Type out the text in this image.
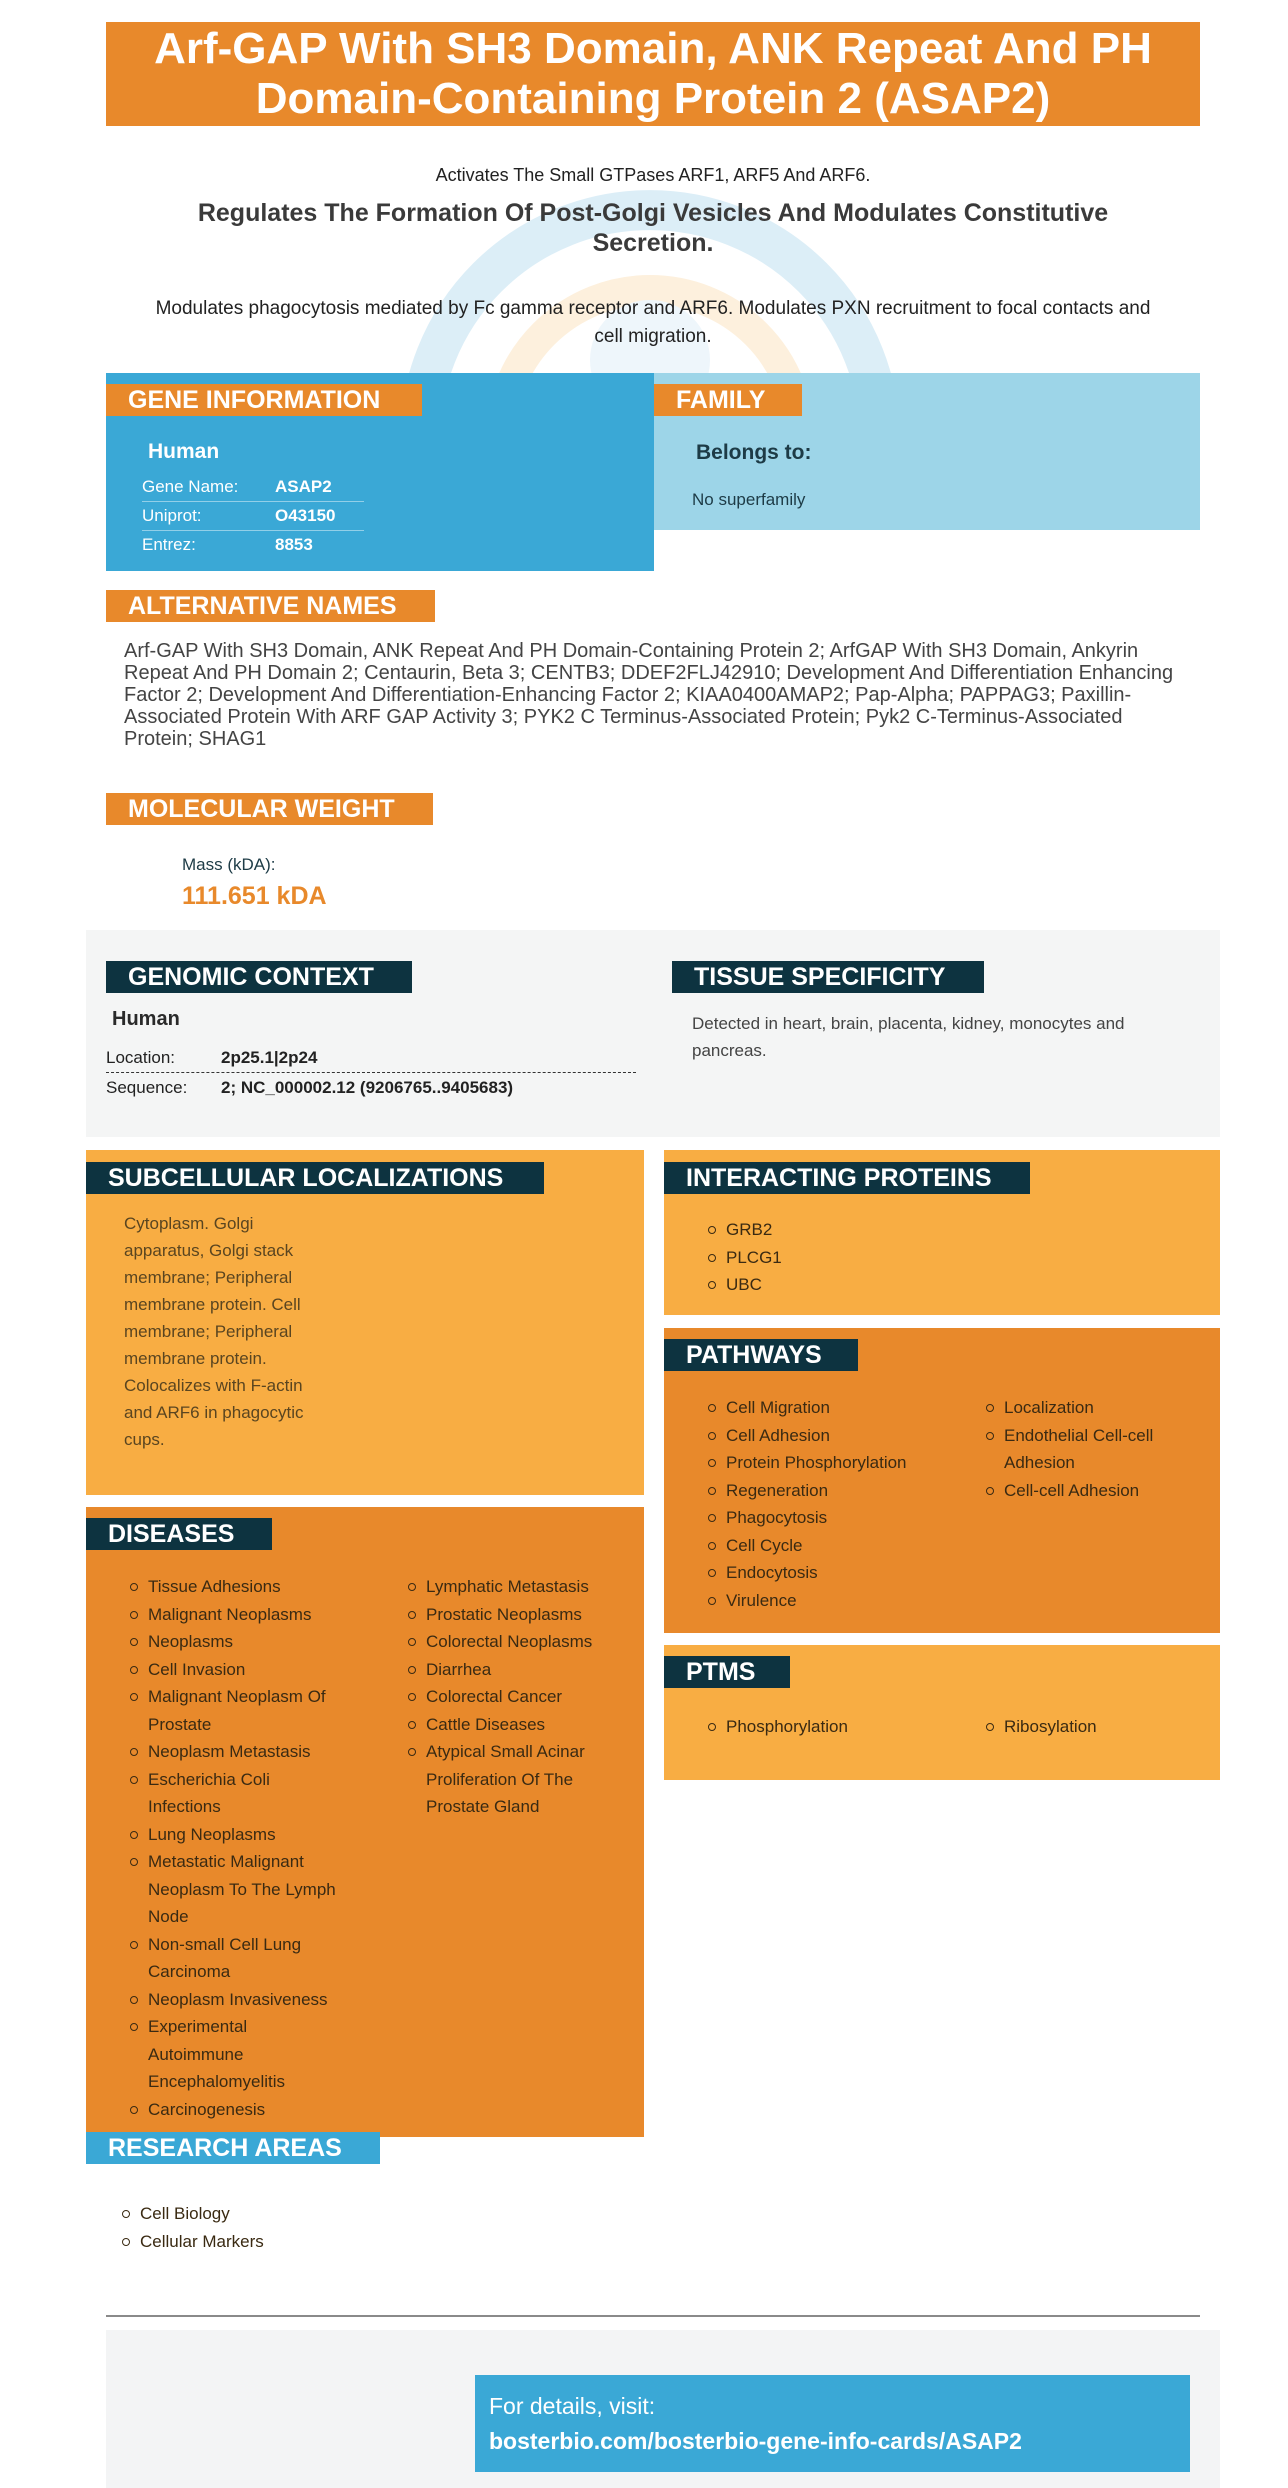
Arf-GAP With SH3 Domain, ANK Repeat And PH Domain-Containing Protein 2 (ASAP2)
Activates The Small GTPases ARF1, ARF5 And ARF6.
Regulates The Formation Of Post-Golgi Vesicles And Modulates Constitutive Secretion.
Modulates phagocytosis mediated by Fc gamma receptor and ARF6. Modulates PXN recruitment to focal contacts and cell migration.
GENE INFORMATION
Human
Gene Name:	ASAP2
Uniprot:	O43150
Entrez:	8853
FAMILY
Belongs to:
No superfamily
ALTERNATIVE NAMES
Arf-GAP With SH3 Domain, ANK Repeat And PH Domain-Containing Protein 2; ArfGAP With SH3 Domain, Ankyrin Repeat And PH Domain 2; Centaurin, Beta 3; CENTB3; DDEF2FLJ42910; Development And Differentiation Enhancing Factor 2; Development And Differentiation-Enhancing Factor 2; KIAA0400AMAP2; Pap-Alpha; PAPPAG3; Paxillin-Associated Protein With ARF GAP Activity 3; PYK2 C Terminus-Associated Protein; Pyk2 C-Terminus-Associated Protein; SHAG1
MOLECULAR WEIGHT
Mass (kDA):
111.651 kDA
GENOMIC CONTEXT
Human
Location:	2p25.1|2p24
Sequence:	2; NC_000002.12 (9206765..9405683)
TISSUE SPECIFICITY
Detected in heart, brain, placenta, kidney, monocytes and pancreas.
SUBCELLULAR LOCALIZATIONS
Cytoplasm. Golgi apparatus, Golgi stack membrane; Peripheral membrane protein. Cell membrane; Peripheral membrane protein. Colocalizes with F-actin and ARF6 in phagocytic cups.
INTERACTING PROTEINS
GRB2
PLCG1
UBC
PATHWAYS
Cell Migration
Cell Adhesion
Protein Phosphorylation
Regeneration
Phagocytosis
Cell Cycle
Endocytosis
Virulence
Localization
Endothelial Cell-cell Adhesion
Cell-cell Adhesion
PTMS
Phosphorylation	Ribosylation
DISEASES
Tissue Adhesions
Malignant Neoplasms
Neoplasms
Cell Invasion
Malignant Neoplasm Of Prostate
Neoplasm Metastasis
Escherichia Coli Infections
Lung Neoplasms
Metastatic Malignant Neoplasm To The Lymph Node
Non-small Cell Lung Carcinoma
Neoplasm Invasiveness
Experimental Autoimmune Encephalomyelitis
Carcinogenesis
Lymphatic Metastasis
Prostatic Neoplasms
Colorectal Neoplasms
Diarrhea
Colorectal Cancer
Cattle Diseases
Atypical Small Acinar Proliferation Of The Prostate Gland
RESEARCH AREAS
Cell Biology
Cellular Markers
For details, visit:
bosterbio.com/bosterbio-gene-info-cards/ASAP2
